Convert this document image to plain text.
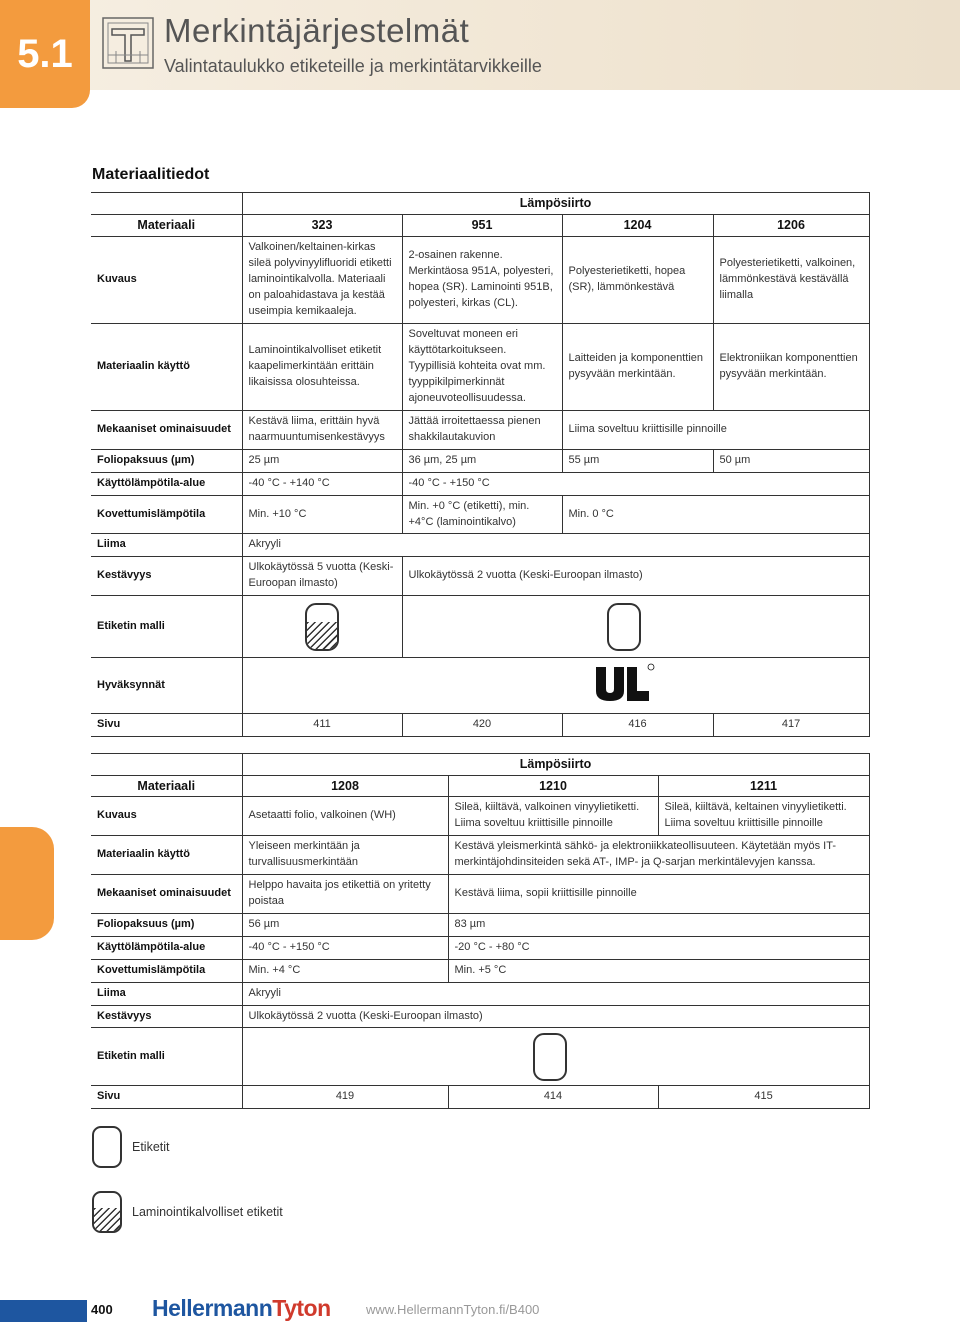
5.1
Merkintäjärjestelmät
Valintataulukko etiketeille ja merkintätarvikkeille
Materiaalitiedot
	Lämpösiirto			
Materiaali	323	951	1204	1206
Kuvaus	Valkoinen/keltainen-kirkas sileä polyvinyylifluoridi etiketti laminointikalvolla. Materiaali on paloahidastava ja kestää useimpia kemikaaleja.	2-osainen rakenne. Merkintäosa 951A, polyesteri, hopea (SR). Laminointi 951B, polyesteri, kirkas (CL).	Polyesterietiketti, hopea (SR), lämmönkestävä	Polyesterietiketti, valkoinen, lämmönkestävä kestävällä liimalla
Materiaalin käyttö	Laminointikalvolliset etiketit kaapelimerkintään erittäin likaisissa olosuhteissa.	Soveltuvat moneen eri käyttötarkoitukseen. Tyypillisiä kohteita ovat mm. tyyppikilpimerkinnät ajoneuvoteollisuudessa.	Laitteiden ja komponenttien pysyvään merkintään.	Elektroniikan komponenttien pysyvään merkintään.
Mekaaniset ominaisuudet	Kestävä liima, erittäin hyvä naarmuuntumisenkestävyys	Jättää irroitettaessa pienen shakkilautakuvion	Liima soveltuu kriittisille pinnoille	
Foliopaksuus (µm)	25 µm	36 µm, 25 µm	55 µm	50 µm
Käyttölämpötila-alue	-40 °C - +140 °C	-40 °C - +150 °C		
Kovettumislämpötila	Min. +10 °C	Min. +0 °C (etiketti), min. +4°C (laminointikalvo)	Min. 0 °C	
Liima	Akryyli			
Kestävyys	Ulkokäytössä 5 vuotta (Keski-Euroopan ilmasto)	Ulkokäytössä 2 vuotta (Keski-Euroopan ilmasto)		
Etiketin malli				
Hyväksynnät	
Sivu	411	420	416	417
	Lämpösiirto		
Materiaali	1208	1210	1211
Kuvaus	Asetaatti folio, valkoinen (WH)	Sileä, kiiltävä, valkoinen vinyylietiketti. Liima soveltuu kriittisille pinnoille	Sileä, kiiltävä, keltainen vinyylietiketti. Liima soveltuu kriittisille pinnoille
Materiaalin käyttö	Yleiseen merkintään ja turvallisuusmerkintään	Kestävä yleismerkintä sähkö- ja elektroniikkateollisuuteen. Käytetään myös IT-merkintäjohdinsiteiden sekä AT-, IMP- ja Q-sarjan merkintälevyjen kanssa.	
Mekaaniset ominaisuudet	Helppo havaita jos etikettiä on yritetty poistaa	Kestävä liima, sopii kriittisille pinnoille	
Foliopaksuus (µm)	56 µm	83 µm	
Käyttölämpötila-alue	-40 °C - +150 °C	-20 °C - +80 °C	
Kovettumislämpötila	Min. +4 °C	Min. +5 °C	
Liima	Akryyli		
Kestävyys	Ulkokäytössä 2 vuotta (Keski-Euroopan ilmasto)		
Etiketin malli			
Sivu	419	414	415
Etiketit
Laminointikalvolliset etiketit
400 HellermannTyton	www.HellermannTyton.fi/B400
